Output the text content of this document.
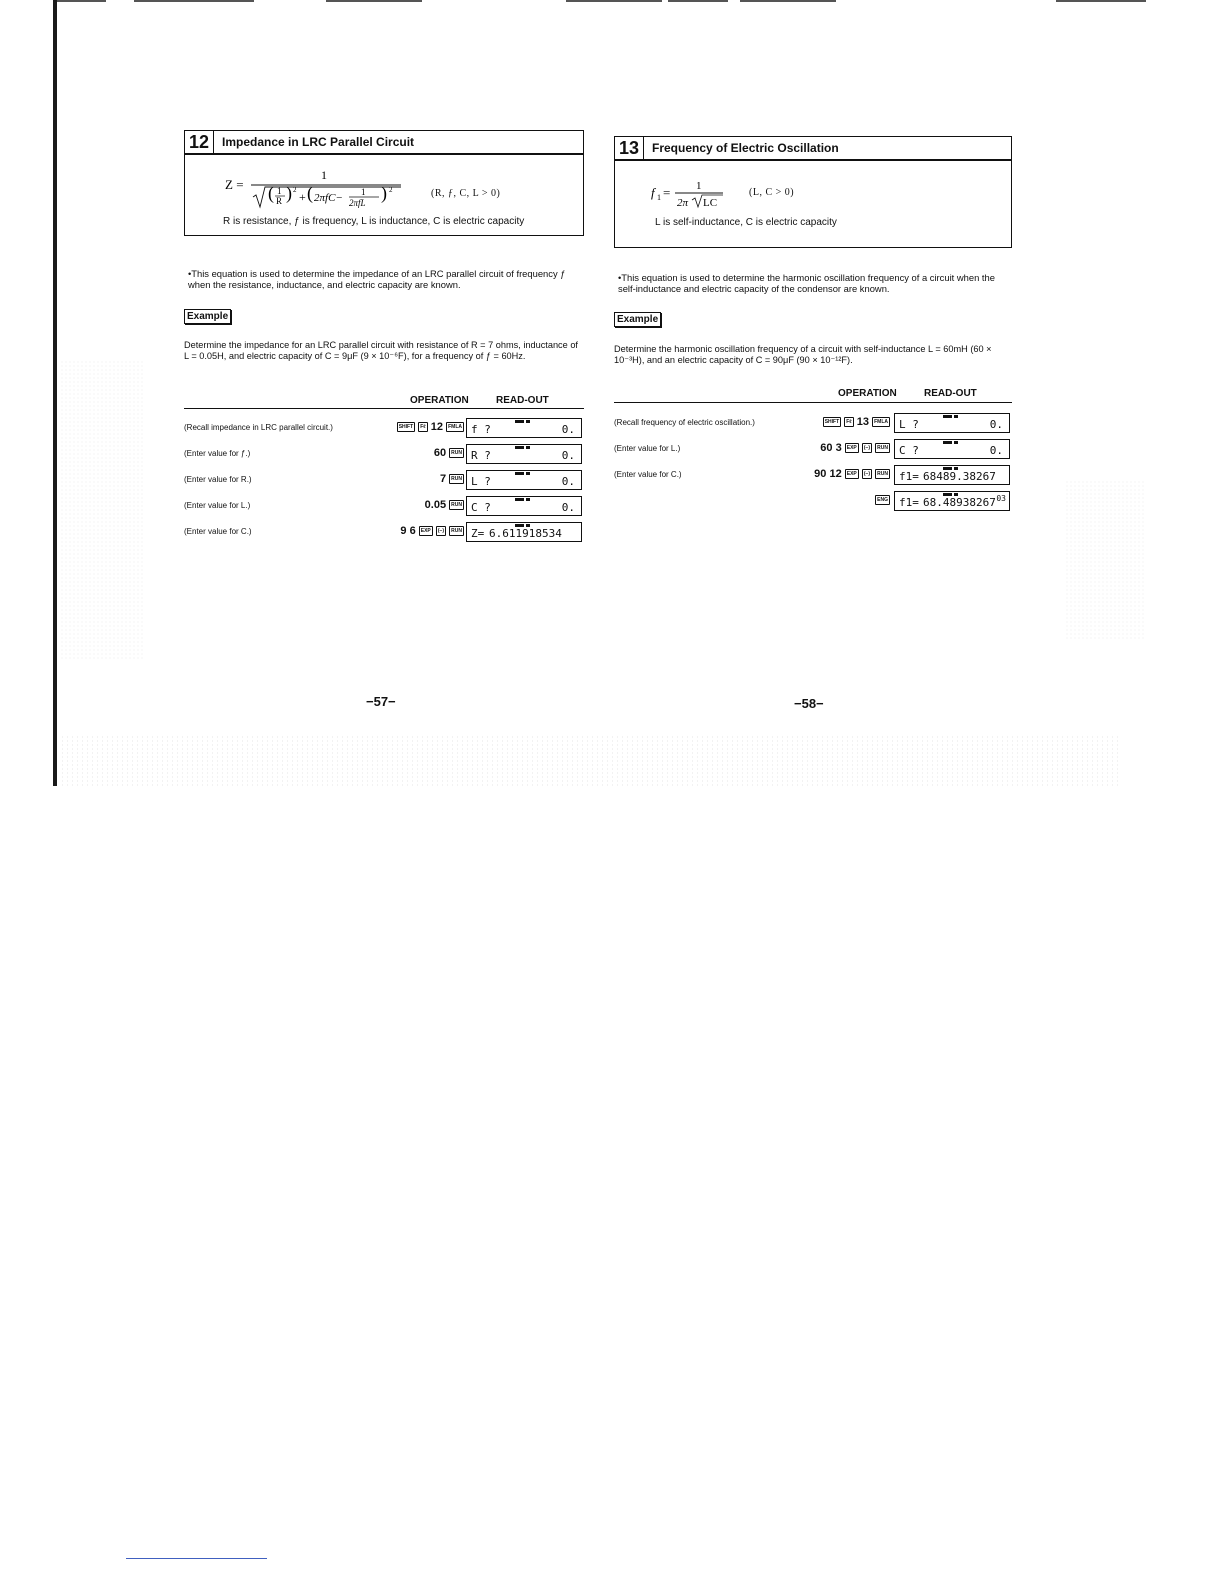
12	Impedance in LRC Parallel Circuit
Z =
1
( 1
R ) 2 + ( 2πfC− 1
2πfL ) 2	(R, ƒ, C, L > 0)
R is resistance, ƒ is frequency, L is inductance, C is electric capacity
•This equation is used to determine the impedance of an LRC parallel circuit of frequency ƒ when the resistance, inductance, and electric capacity are known.
Example
Determine the impedance for an LRC parallel circuit with resistance of R = 7 ohms, inductance of L = 0.05H, and electric capacity of C = 9μF (9 × 10⁻⁶F), for a frequency of ƒ = 60Hz.
OPERATION	READ-OUT
(Recall impedance in LRC parallel circuit.)	SHIFT Fℓ 12 FMLA f ?	0.
(Enter value for ƒ.)	60 RUN R ?	0.
(Enter value for R.)	7 RUN L ?	0.
(Enter value for L.)	0.05 RUN C ?	0.
(Enter value for C.)	9 6 EXP (−) RUN Z= 6.611918534
−57−
13	Frequency of Electric Oscillation
f 1 = 1
2π LC
(L, C > 0)
L is self-inductance, C is electric capacity
•This equation is used to determine the harmonic oscillation frequency of a circuit when the self-inductance and electric capacity of the condensor are known.
Example
Determine the harmonic oscillation frequency of a circuit with self-inductance L = 60mH (60 × 10⁻³H), and an electric capacity of C = 90μF (90 × 10⁻¹²F).
OPERATION	READ-OUT
(Recall frequency of electric oscillation.)	SHIFT Fℓ 13 FMLA L ?	0.
(Enter value for L.)	60 3 EXP (−) RUN C ?	0.
(Enter value for C.)	90 12 EXP (−) RUN f1= 68489.38267
ENG f1= 68.48938267 03
−58−
